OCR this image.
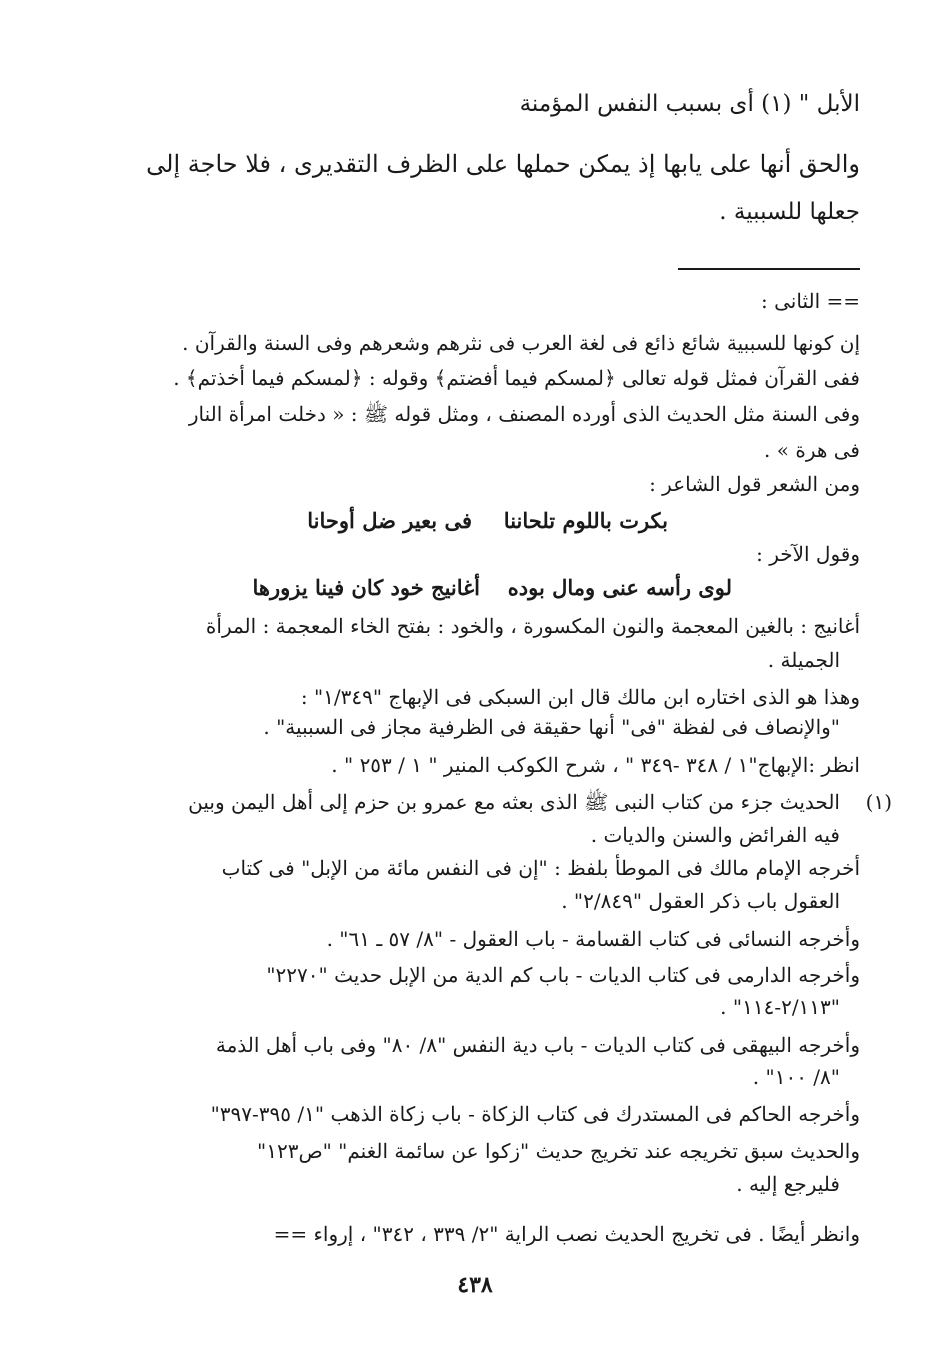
الأبل " (١) أى بسبب النفس المؤمنة
والحق أنها على يابها إذ يمكن حملها على الظرف التقديرى ، فلا حاجة إلى
جعلها للسببية .
== الثانى :
إن كونها للسببية شائع ذائع فى لغة العرب فى نثرهم وشعرهم وفى السنة والقرآن .
ففى القرآن فمثل قوله تعالى ﴿لمسكم فيما أفضتم﴾ وقوله : ﴿لمسكم فيما أخذتم﴾ .
وفى السنة مثل الحديث الذى أورده المصنف ، ومثل قوله ﷺ : « دخلت امرأة النار
فى هرة » .
ومن الشعر قول الشاعر :
بكرت باللوم تلحاننا
فى بعير ضل أوحانا
وقول الآخر :
لوى رأسه عنى ومال بوده
أغانيج خود كان فينا يزورها
أغانيج : بالغين المعجمة والنون المكسورة ، والخود : بفتح الخاء المعجمة : المرأة
الجميلة .
وهذا هو الذى اختاره ابن مالك قال ابن السبكى فى الإبهاج "١/٣٤٩" :
"والإنصاف فى لفظة "فى" أنها حقيقة فى الظرفية مجاز فى السببية" .
انظر :الإبهاج"١ / ٣٤٨ -٣٤٩ " ، شرح الكوكب المنير " ١ / ٢٥٣ " .
(١)
الحديث جزء من كتاب النبى ﷺ الذى بعثه مع عمرو بن حزم إلى أهل اليمن وبين
فيه الفرائض والسنن والديات .
أخرجه الإمام مالك فى الموطأ بلفظ : "إن فى النفس مائة من الإبل" فى كتاب
العقول باب ذكر العقول "٢/٨٤٩" .
وأخرجه النسائى فى كتاب القسامة - باب العقول - "٨/ ٥٧ ـ ٦١" .
وأخرجه الدارمى فى كتاب الديات - باب كم الدية من الإبل حديث "٢٢٧٠"
"٢/١١٣-١١٤" .
وأخرجه البيهقى فى كتاب الديات - باب دية النفس "٨/ ٨٠" وفى باب أهل الذمة
"٨/ ١٠٠" .
وأخرجه الحاكم فى المستدرك فى كتاب الزكاة - باب زكاة الذهب "١/ ٣٩٥-٣٩٧"
والحديث سبق تخريجه عند تخريج حديث "زكوا عن سائمة الغنم" "ص١٢٣"
فليرجع إليه .
وانظر أيضًا . فى تخريج الحديث نصب الراية "٢/ ٣٣٩ ، ٣٤٢" ، إرواء ==
٤٣٨
